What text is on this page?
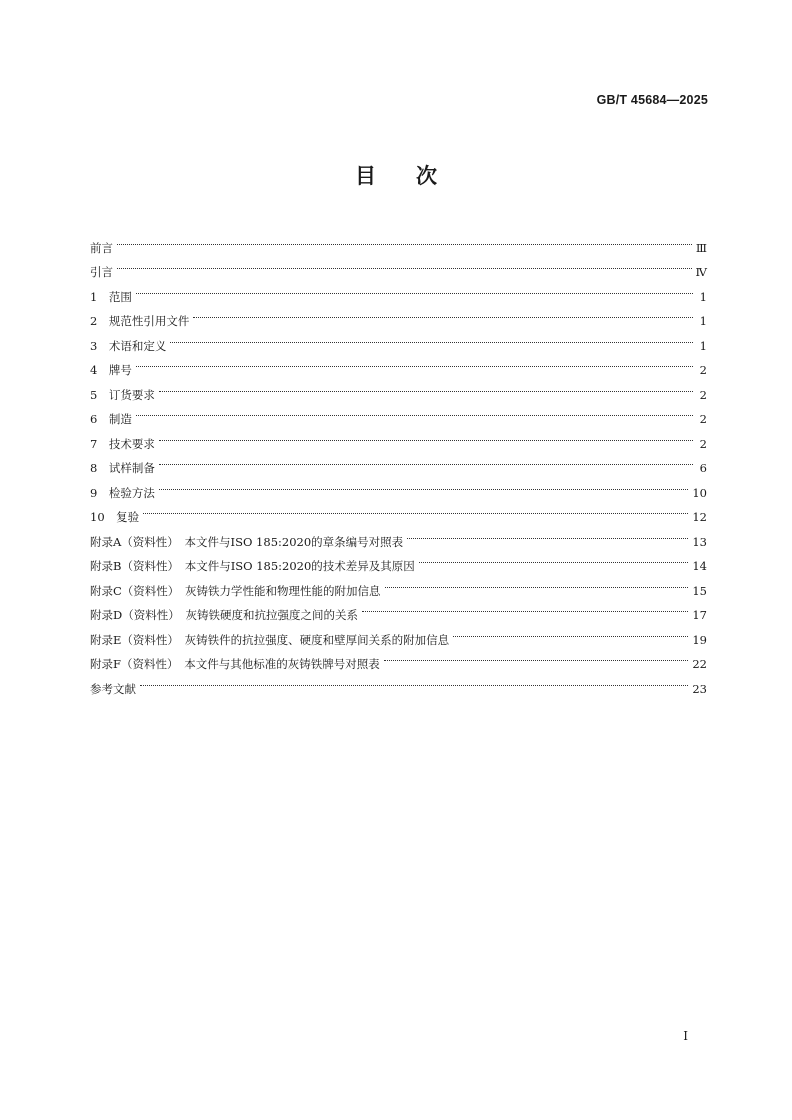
GB/T 45684—2025
目次
前言	Ⅲ
引言	Ⅳ
1　范围	1
2　规范性引用文件	1
3　术语和定义	1
4　牌号	2
5　订货要求	2
6　制造	2
7　技术要求	2
8　试样制备	6
9　检验方法	10
10　复验	12
附录A（资料性）　本文件与ISO 185:2020的章条编号对照表	13
附录B（资料性）　本文件与ISO 185:2020的技术差异及其原因	14
附录C（资料性）　灰铸铁力学性能和物理性能的附加信息	15
附录D（资料性）　灰铸铁硬度和抗拉强度之间的关系	17
附录E（资料性）　灰铸铁件的抗拉强度、硬度和壁厚间关系的附加信息	19
附录F（资料性）　本文件与其他标准的灰铸铁牌号对照表	22
参考文献	23
I
